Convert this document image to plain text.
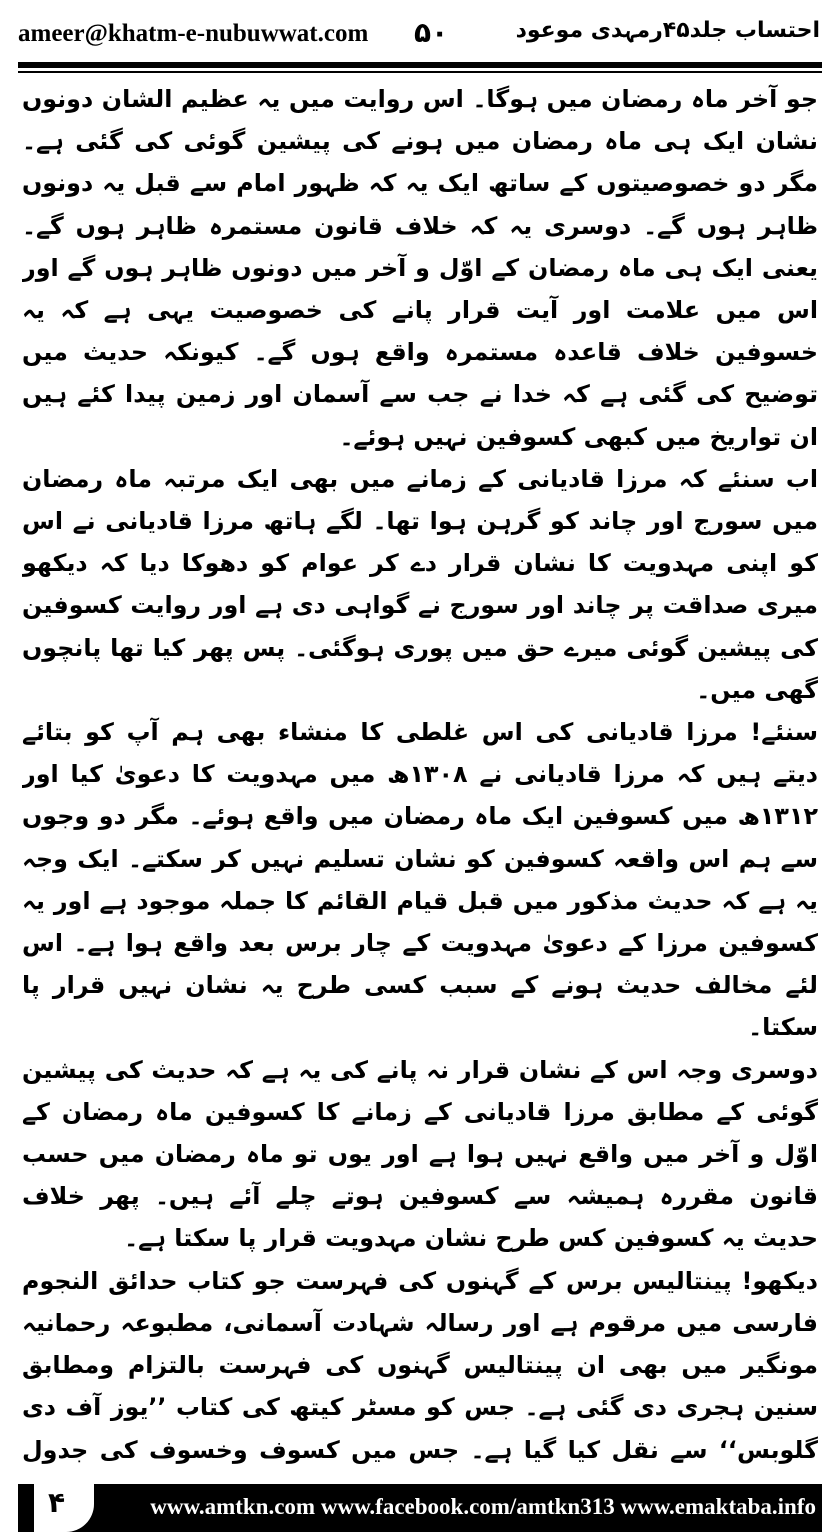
ameer@khatm-e-nubuwwat.com ۵۰	احتساب جلد۴۵رمہدی موعود

جو آخر ماہ رمضان میں ہوگا۔ اس روایت میں یہ عظیم الشان دونوں نشان ایک ہی ماہ رمضان میں ہونے کی پیشین گوئی کی گئی ہے۔ مگر دو خصوصیتوں کے ساتھ ایک یہ کہ ظہور امام سے قبل یہ دونوں ظاہر ہوں گے۔ دوسری یہ کہ خلاف قانون مستمرہ ظاہر ہوں گے۔ یعنی ایک ہی ماہ رمضان کے اوّل و آخر میں دونوں ظاہر ہوں گے اور اس میں علامت اور آیت قرار پانے کی خصوصیت یہی ہے کہ یہ خسوفین خلاف قاعدہ مستمرہ واقع ہوں گے۔ کیونکہ حدیث میں توضیح کی گئی ہے کہ خدا نے جب سے آسمان اور زمین پیدا کئے ہیں ان تواریخ میں کبھی کسوفین نہیں ہوئے۔

اب سنئے کہ مرزا قادیانی کے زمانے میں بھی ایک مرتبہ ماہ رمضان میں سورج اور چاند کو گرہن ہوا تھا۔ لگے ہاتھ مرزا قادیانی نے اس کو اپنی مہدویت کا نشان قرار دے کر عوام کو دھوکا دیا کہ دیکھو میری صداقت پر چاند اور سورج نے گواہی دی ہے اور روایت کسوفین کی پیشین گوئی میرے حق میں پوری ہوگئی۔ پس پھر کیا تھا پانچوں گھی میں۔

سنئے! مرزا قادیانی کی اس غلطی کا منشاء بھی ہم آپ کو بتائے دیتے ہیں کہ مرزا قادیانی نے ۱۳۰۸ھ میں مہدویت کا دعویٰ کیا اور ۱۳۱۲ھ میں کسوفین ایک ماہ رمضان میں واقع ہوئے۔ مگر دو وجوں سے ہم اس واقعہ کسوفین کو نشان تسلیم نہیں کر سکتے۔ ایک وجہ یہ ہے کہ حدیث مذکور میں قبل قیام القائم کا جملہ موجود ہے اور یہ کسوفین مرزا کے دعویٰ مہدویت کے چار برس بعد واقع ہوا ہے۔ اس لئے مخالف حدیث ہونے کے سبب کسی طرح یہ نشان نہیں قرار پا سکتا۔

دوسری وجہ اس کے نشان قرار نہ پانے کی یہ ہے کہ حدیث کی پیشین گوئی کے مطابق مرزا قادیانی کے زمانے کا کسوفین ماہ رمضان کے اوّل و آخر میں واقع نہیں ہوا ہے اور یوں تو ماہ رمضان میں حسب قانون مقررہ ہمیشہ سے کسوفین ہوتے چلے آئے ہیں۔ پھر خلاف حدیث یہ کسوفین کس طرح نشان مہدویت قرار پا سکتا ہے۔

دیکھو! پینتالیس برس کے گہنوں کی فہرست جو کتاب حدائق النجوم فارسی میں مرقوم ہے اور رسالہ شہادت آسمانی، مطبوعہ رحمانیہ مونگیر میں بھی ان پینتالیس گہنوں کی فہرست بالتزام ومطابق سنین ہجری دی گئی ہے۔ جس کو مسٹر کیتھ کی کتاب ’’یوز آف دی گلوبس‘‘ سے نقل کیا گیا ہے۔ جس میں کسوف وخسوف کی جدول

۴	www.amtkn.com www.facebook.com/amtkn313 www.emaktaba.info
